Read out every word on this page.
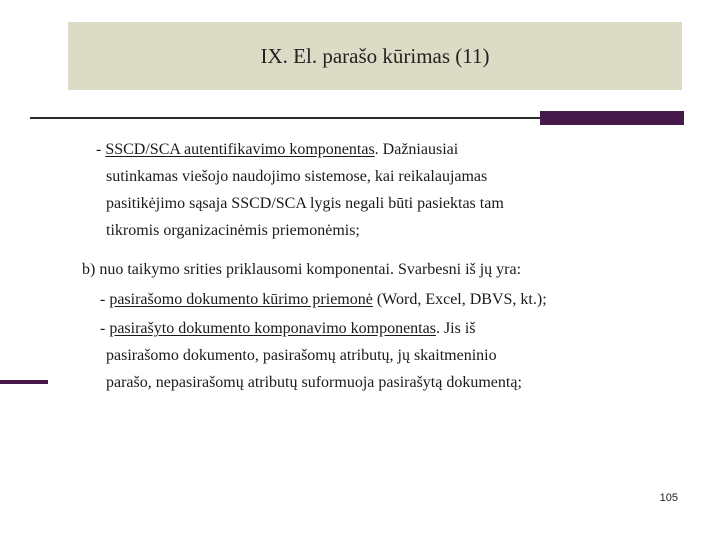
IX. El. parašo kūrimas (11)
- SSCD/SCA autentifikavimo komponentas. Dažniausiai
sutinkamas viešojo naudojimo sistemose, kai reikalaujamas
pasitikėjimo sąsaja SSCD/SCA lygis negali būti pasiektas tam
tikromis organizacinėmis priemonėmis;
b) nuo taikymo srities priklausomi komponentai. Svarbesni iš jų yra:
- pasirašomo dokumento kūrimo priemonė (Word, Excel, DBVS, kt.);
- pasirašyto dokumento komponavimo komponentas. Jis iš
pasirašomo dokumento, pasirašomų atributų, jų skaitmeninio
parašo, nepasirašomų atributų suformuoja pasirašytą dokumentą;
105
